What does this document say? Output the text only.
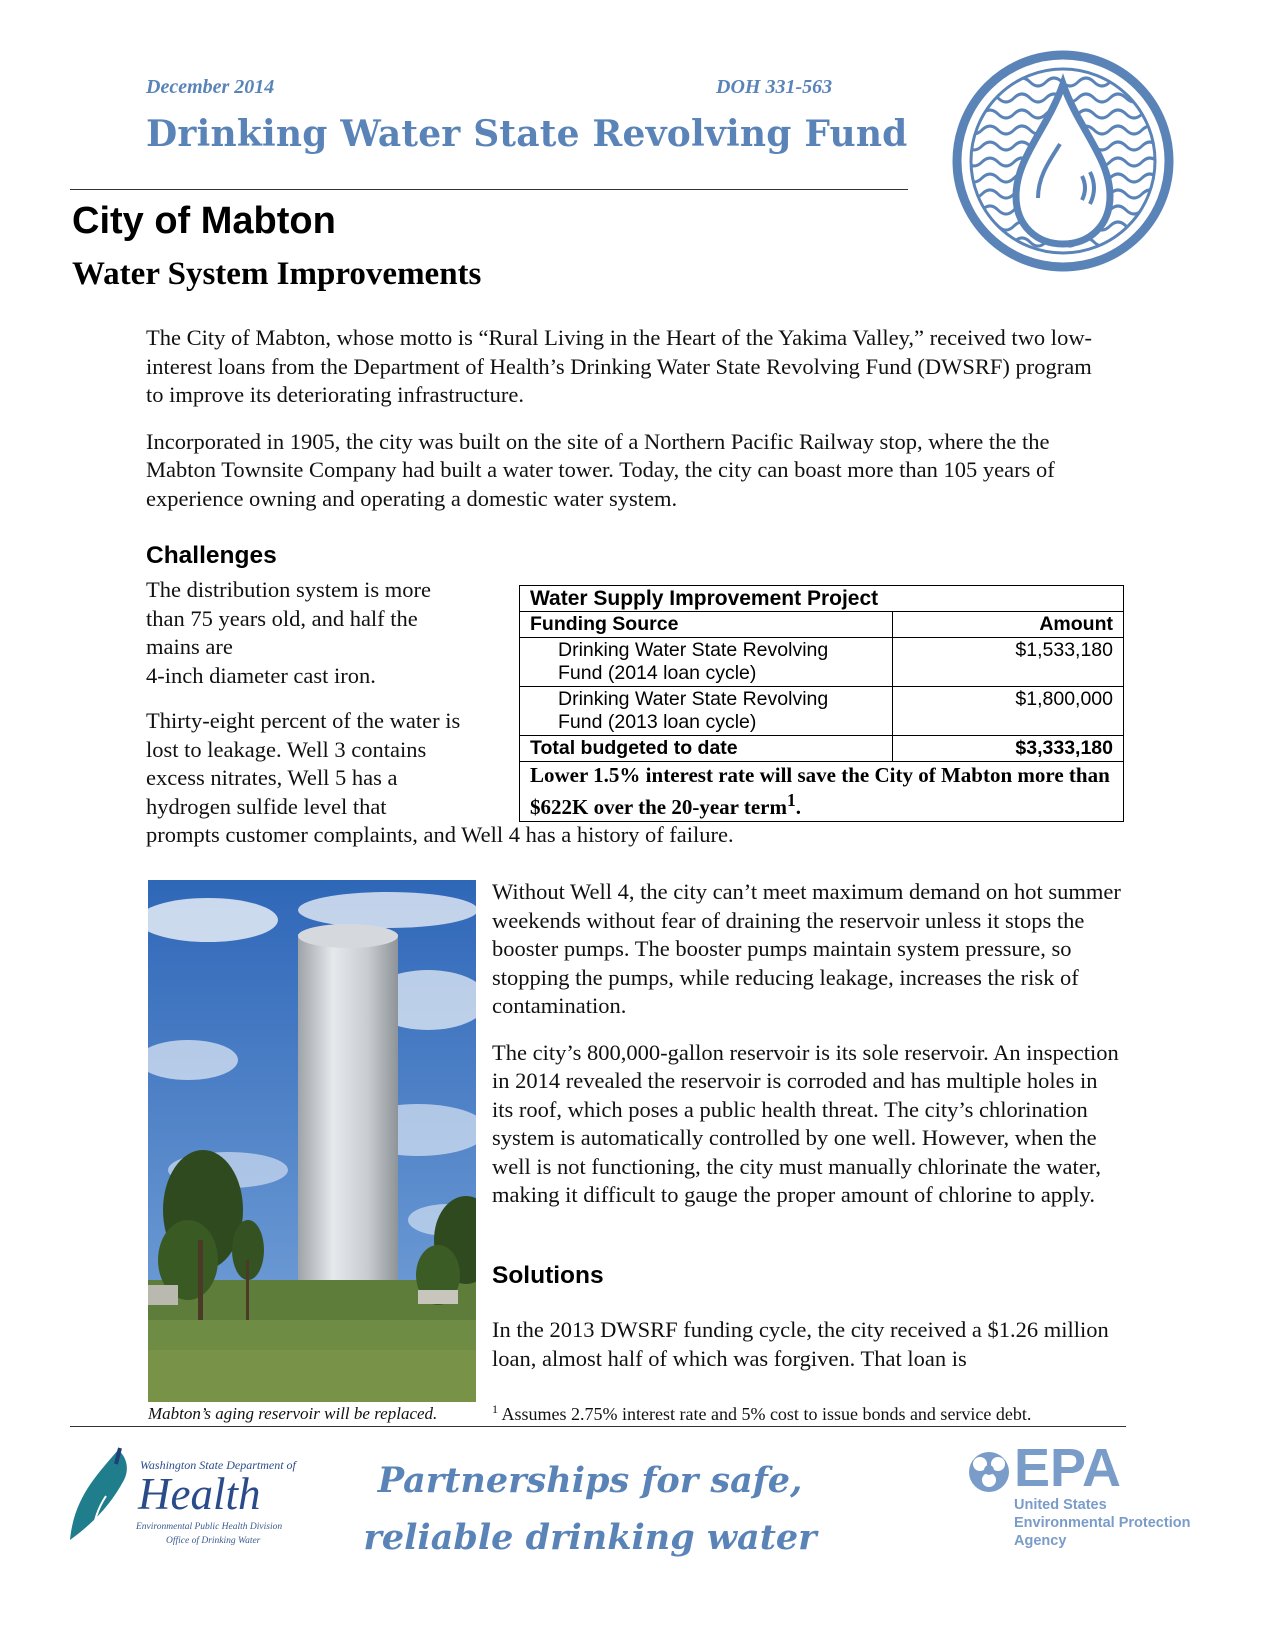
December 2014	DOH 331-563
Drinking Water State Revolving Fund
City of Mabton
Water System Improvements

The City of Mabton, whose motto is “Rural Living in the Heart of the Yakima Valley,” received two low-interest loans from the Department of Health’s Drinking Water State Revolving Fund (DWSRF) program to improve its deteriorating infrastructure.

Incorporated in 1905, the city was built on the site of a Northern Pacific Railway stop, where the the Mabton Townsite Company had built a water tower. Today, the city can boast more than 105 years of experience owning and operating a domestic water system.

Challenges
The distribution system is more
than 75 years old, and half the
mains are
4-inch diameter cast iron.
Thirty-eight percent of the water is
lost to leakage. Well 3 contains
excess nitrates, Well 5 has a
hydrogen sulfide level that
prompts customer complaints, and Well 4 has a history of failure.
Water Supply Improvement Project	
Funding Source	Amount

Drinking Water State Revolving
Fund (2014 loan cycle)	$1,533,180

Drinking Water State Revolving
Fund (2013 loan cycle)	$1,800,000
Total budgeted to date	$3,333,180
Lower 1.5% interest rate will save the City of Mabton more than $622K over the 20-year term$^1$.	
Mabton’s aging reservoir will be replaced.

Without Well 4, the city can’t meet maximum demand on hot summer weekends without fear of draining the reservoir unless it stops the booster pumps. The booster pumps maintain system pressure, so stopping the pumps, while reducing leakage, increases the risk of contamination.

The city’s 800,000-gallon reservoir is its sole reservoir. An inspection in 2014 revealed the reservoir is corroded and has multiple holes in its roof, which poses a public health threat. The city’s chlorination system is automatically controlled by one well. However, when the well is not functioning, the city must manually chlorinate the water, making it difficult to gauge the proper amount of chlorine to apply.

Solutions
In the 2013 DWSRF funding cycle, the city received a $1.26 million loan, almost half of which was forgiven. That loan is
$^1$ Assumes 2.75% interest rate and 5% cost to issue bonds and service debt.
Washington State Department of
Health
Environmental Public Health Division
Office of Drinking Water
Partnerships for safe,
reliable drinking water
EPA
United States
Environmental Protection
Agency
